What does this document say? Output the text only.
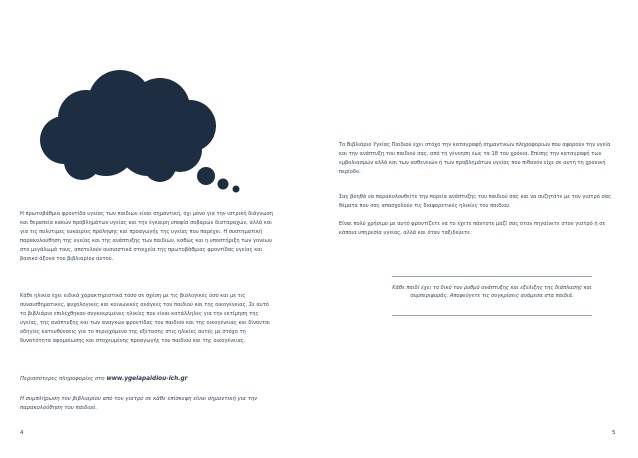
Η πρωτοβάθμια φροντίδα υγείας των παιδιών είναι σημαντική, όχι μόνο για την ιατρική διάγνωση και θεραπεία κακών προβλημάτων υγείας και την έγκαιρη υποψία σοβαρών διαταραχών, αλλά και για τις πολύτιμες ευκαιρίες πρόληψης και προαγωγής της υγείας που παρέχει. Η συστηματική παρακολούθηση της υγείας και της ανάπτυξης των παιδιών, καθώς και η υποστήριξη των γονέων στο μεγάλωμά τους, αποτελούν ουσιαστικά στοιχεία της πρωτοβάθμιας φροντίδας υγείας και βασικό άξονα του βιβλιαρίου αυτού.
Κάθε ηλικία έχει ειδικά χαρακτηριστικά τόσο σε σχέση με τις βιολογικές όσο και με τις συναισθηματικές, ψυχολογικές και κοινωνικές ανάγκες του παιδιού και της οικογένειας. Σε αυτό το βιβλιάριο επιλέχθηκαν συγκεκριμένες ηλικίες που είναι κατάλληλες για την εκτίμηση της υγείας, της ανάπτυξης και των αναγκών φροντίδας του παιδιού και της οικογένειας και δίνονται οδηγίες κατευθύνσεις για το περιεχόμενο της εξέτασης στις ηλικίες αυτές με στόχο τη δυνατότητα αφομοίωσης και στοχευμένης προαγωγής του παιδιού και της οικογένειας.
Περισσότερες πληροφορίες στο www.ygeiapaidiou-ich.gr
Η συμπλήρωση του βιβλιαρίου από τον γιατρό σε κάθε επίσκεψη είναι σημαντική για την παρακολούθηση του παιδιού.
4
Το Βιβλιάριο Υγείας Παιδιού έχει στόχο την καταγραφή σημαντικών πληροφοριών που αφορούν την υγεία και την ανάπτυξη του παιδιού σας, από τη γέννηση έως τα 18 του χρόνια. Επίσης την καταγραφή των εμβολιασμών αλλά και των ασθενειών ή των προβλημάτων υγείας που πιθανόν είχε σε αυτή τη χρονική περίοδο.
Σας βοηθά να παρακολουθείτε την πορεία ανάπτυξης του παιδιού σας και να συζητάτε με τον γιατρό σας θέματα που σας απασχολούν τις διαφορετικές ηλικίες του παιδιού.
Είναι πολύ χρήσιμο με αυτό φροντίζετε να το έχετε πάντοτε μαζί σας όταν πηγαίνετε στον γιατρό ή σε κάποια υπηρεσία υγείας, αλλά και όταν ταξιδεύετε.
Κάθε παιδί έχει το δικό του ρυθμό ανάπτυξης και εξέλιξης της διάπλασης και συμπεριφοράς. Αποφεύγετε τις συγκρίσεις ανάμεσα στα παιδιά.
5
